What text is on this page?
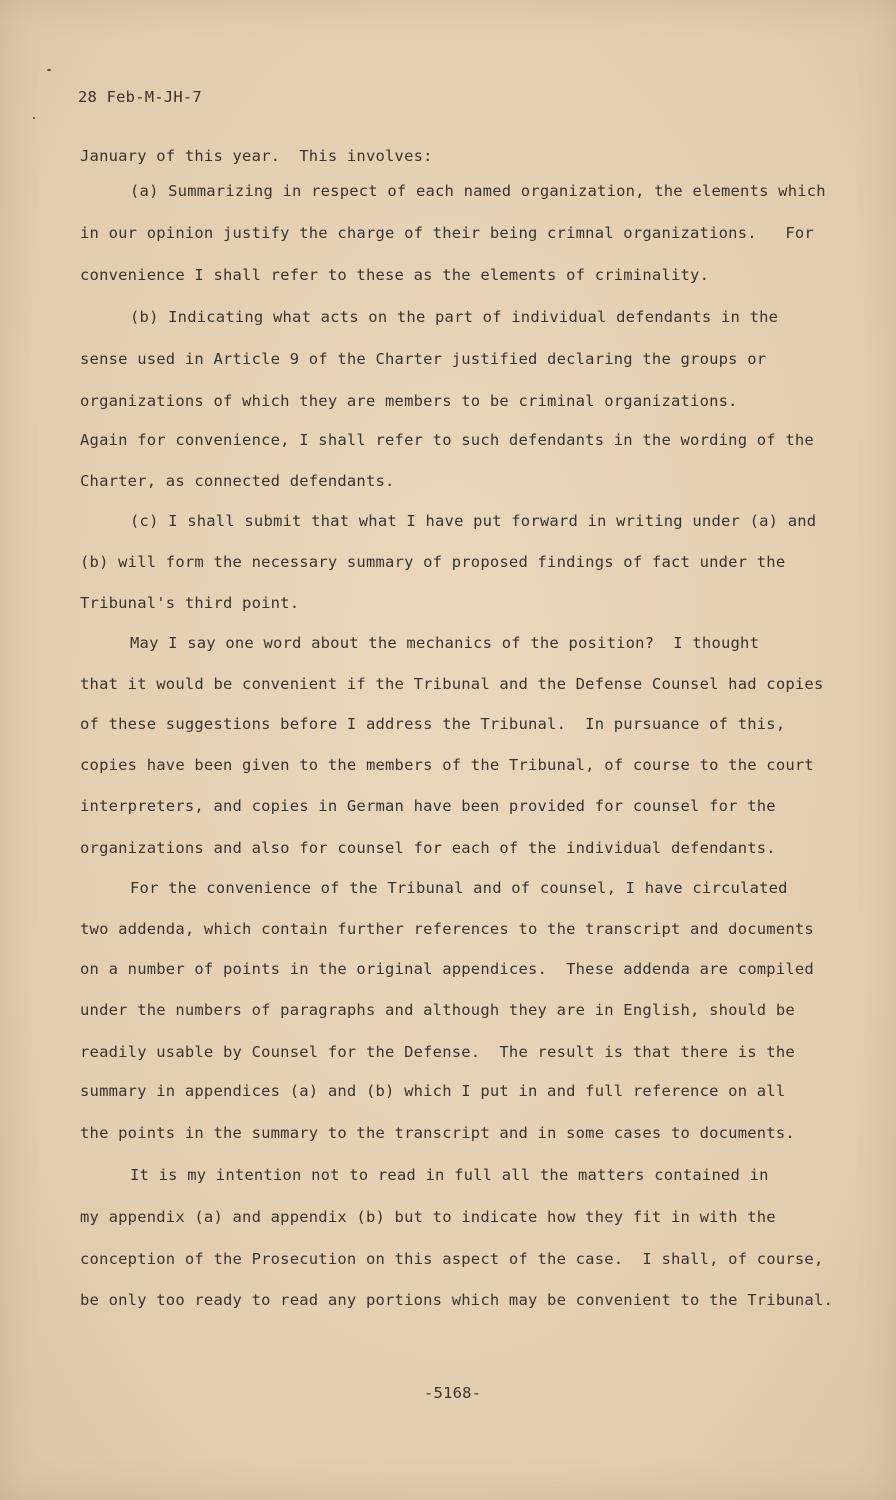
28 Feb-M-JH-7
January of this year.  This involves:
(a) Summarizing in respect of each named organization, the elements which
in our opinion justify the charge of their being crimnal organizations.   For
convenience I shall refer to these as the elements of criminality.
(b) Indicating what acts on the part of individual defendants in the
sense used in Article 9 of the Charter justified declaring the groups or
organizations of which they are members to be criminal organizations.
Again for convenience, I shall refer to such defendants in the wording of the
Charter, as connected defendants.
(c) I shall submit that what I have put forward in writing under (a) and
(b) will form the necessary summary of proposed findings of fact under the
Tribunal's third point.
May I say one word about the mechanics of the position?  I thought
that it would be convenient if the Tribunal and the Defense Counsel had copies
of these suggestions before I address the Tribunal.  In pursuance of this,
copies have been given to the members of the Tribunal, of course to the court
interpreters, and copies in German have been provided for counsel for the
organizations and also for counsel for each of the individual defendants.
For the convenience of the Tribunal and of counsel, I have circulated
two addenda, which contain further references to the transcript and documents
on a number of points in the original appendices.  These addenda are compiled
under the numbers of paragraphs and although they are in English, should be
readily usable by Counsel for the Defense.  The result is that there is the
summary in appendices (a) and (b) which I put in and full reference on all
the points in the summary to the transcript and in some cases to documents.
It is my intention not to read in full all the matters contained in
my appendix (a) and appendix (b) but to indicate how they fit in with the
conception of the Prosecution on this aspect of the case.  I shall, of course,
be only too ready to read any portions which may be convenient to the Tribunal.
-5168-
